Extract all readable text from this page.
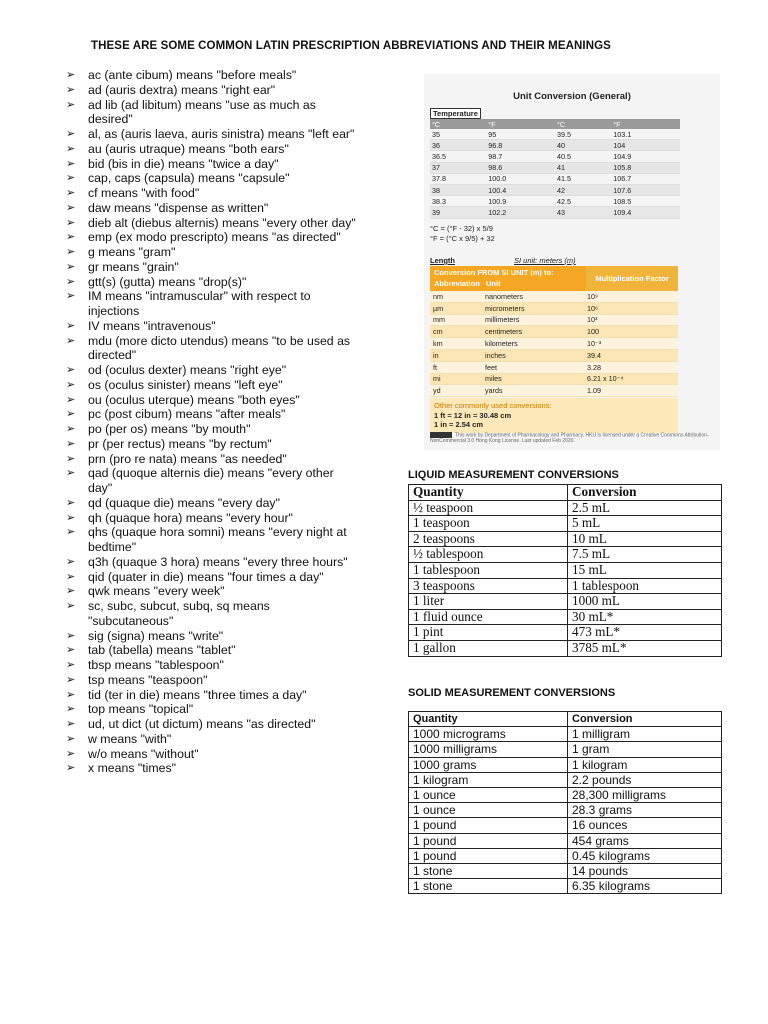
THESE ARE SOME COMMON LATIN PRESCRIPTION ABBREVIATIONS AND THEIR MEANINGS
➢ ac (ante cibum) means "before meals"
➢ ad (auris dextra) means "right ear"
➢ ad lib (ad libitum) means "use as much as desired"
➢ al, as (auris laeva, auris sinistra) means "left ear"
➢ au (auris utraque) means "both ears"
➢ bid (bis in die) means "twice a day"
➢ cap, caps (capsula) means "capsule"
➢ cf means "with food"
➢ daw means "dispense as written"
➢ dieb alt (diebus alternis) means "every other day"
➢ emp (ex modo prescripto) means "as directed"
➢ g means "gram"
➢ gr means "grain"
➢ gtt(s) (gutta) means "drop(s)"
➢ IM means "intramuscular" with respect to injections
➢ IV means "intravenous"
➢ mdu (more dicto utendus) means "to be used as directed"
➢ od (oculus dexter) means "right eye"
➢ os (oculus sinister) means "left eye"
➢ ou (oculus uterque) means "both eyes"
➢ pc (post cibum) means "after meals"
➢ po (per os) means "by mouth"
➢ pr (per rectus) means "by rectum"
➢ prn (pro re nata) means "as needed"
➢ qad (quoque alternis die) means "every other day"
➢ qd (quaque die) means "every day"
➢ qh (quaque hora) means "every hour"
➢ qhs (quaque hora somni) means "every night at bedtime"
➢ q3h (quaque 3 hora) means "every three hours"
➢ qid (quater in die) means "four times a day"
➢ qwk means "every week"
➢ sc, subc, subcut, subq, sq means "subcutaneous"
➢ sig (signa) means "write"
➢ tab (tabella) means "tablet"
➢ tbsp means "tablespoon"
➢ tsp means "teaspoon"
➢ tid (ter in die) means "three times a day"
➢ top means "topical"
➢ ud, ut dict (ut dictum) means "as directed"
➢ w means "with"
➢ w/o means "without"
➢ x means "times"
Unit Conversion (General)
Temperature
°C	°F	°C	°F
35	95	39.5	103.1
36	96.8	40	104
36.5	98.7	40.5	104.9
37	98.6	41	105.8
37.8	100.0	41.5	106.7
38	100.4	42	107.6
38.3	100.9	42.5	108.5
39	102.2	43	109.4
°C = (°F - 32) x 5/9
°F = (°C x 9/5) + 32
Length	SI unit: meters (m)
Conversion FROM SI UNIT (m) to:
Abbreviation Unit
Multiplication Factor
nm	nanometers	10⁹
µm	micrometers	10⁶
mm	millimeters	10³
cm	centimeters	100
km	kilometers	10⁻³
in	inches	39.4
ft	feet	3.28
mi	miles	6.21 x 10⁻⁴
yd	yards	1.09
Other commonly used conversions:
1 ft = 12 in = 30.48 cm
1 in = 2.54 cm
This work by Department of Pharmacology and Pharmacy, HKU is licensed under a Creative Commons Attribution-NonCommercial 3.0 Hong Kong License. Last updated Feb 2020.
LIQUID MEASUREMENT CONVERSIONS
Quantity	Conversion
½ teaspoon	2.5 mL
1 teaspoon	5 mL
2 teaspoons	10 mL
½ tablespoon	7.5 mL
1 tablespoon	15 mL
3 teaspoons	1 tablespoon
1 liter	1000 mL
1 fluid ounce	30 mL*
1 pint	473 mL*
1 gallon	3785 mL*
SOLID MEASUREMENT CONVERSIONS
Quantity	Conversion
1000 micrograms	1 milligram
1000 milligrams	1 gram
1000 grams	1 kilogram
1 kilogram	2.2 pounds
1 ounce	28,300 milligrams
1 ounce	28.3 grams
1 pound	16 ounces
1 pound	454 grams
1 pound	0.45 kilograms
1 stone	14 pounds
1 stone	6.35 kilograms
